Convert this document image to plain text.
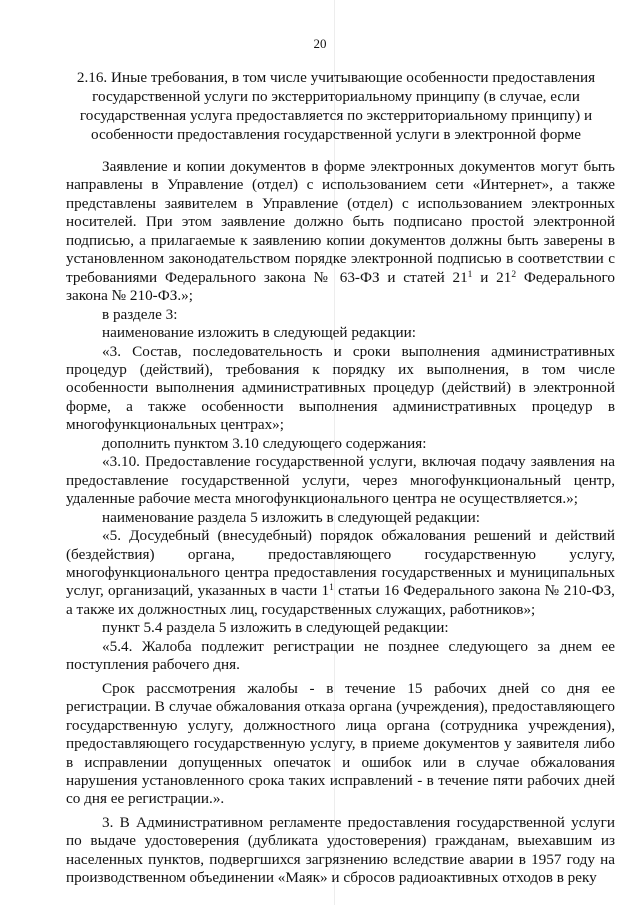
20
2.16. Иные требования, в том числе учитывающие особенности предоставления государственной услуги по экстерриториальному принципу (в случае, если государственная услуга предоставляется по экстерриториальному принципу) и особенности предоставления государственной услуги в электронной форме

Заявление и копии документов в форме электронных документов могут быть направлены в Управление (отдел) с использованием сети «Интернет», а также представлены заявителем в Управление (отдел) с использованием электронных носителей. При этом заявление должно быть подписано простой электронной подписью, а прилагаемые к заявлению копии документов должны быть заверены в установленном законодательством порядке электронной подписью в соответствии с требованиями Федерального закона № 63-ФЗ и статей $21^1$ и $21^2$ Федерального закона № 210-ФЗ.»;

в разделе 3:

наименование изложить в следующей редакции:

«3. Состав, последовательность и сроки выполнения административных процедур (действий), требования к порядку их выполнения, в том числе особенности выполнения административных процедур (действий) в электронной форме, а также особенности выполнения административных процедур в многофункциональных центрах»;

дополнить пунктом 3.10 следующего содержания:

«3.10. Предоставление государственной услуги, включая подачу заявления на предоставление государственной услуги, через многофункциональный центр, удаленные рабочие места многофункционального центра не осуществляется.»;

наименование раздела 5 изложить в следующей редакции:

«5. Досудебный (внесудебный) порядок обжалования решений и действий (бездействия) органа, предоставляющего государственную услугу, многофункционального центра предоставления государственных и муниципальных услуг, организаций, указанных в части $1^1$ статьи 16 Федерального закона № 210-ФЗ, а также их должностных лиц, государственных служащих, работников»;

пункт 5.4 раздела 5 изложить в следующей редакции:

«5.4. Жалоба подлежит регистрации не позднее следующего за днем ее поступления рабочего дня.

Срок рассмотрения жалобы - в течение 15 рабочих дней со дня ее регистрации. В случае обжалования отказа органа (учреждения), предоставляющего государственную услугу, должностного лица органа (сотрудника учреждения), предоставляющего государственную услугу, в приеме документов у заявителя либо в исправлении допущенных опечаток и ошибок или в случае обжалования нарушения установленного срока таких исправлений - в течение пяти рабочих дней со дня ее регистрации.».

3. В Административном регламенте предоставления государственной услуги по выдаче удостоверения (дубликата удостоверения) гражданам, выехавшим из населенных пунктов, подвергшихся загрязнению вследствие аварии в 1957 году на производственном объединении «Маяк» и сбросов радиоактивных отходов в реку
